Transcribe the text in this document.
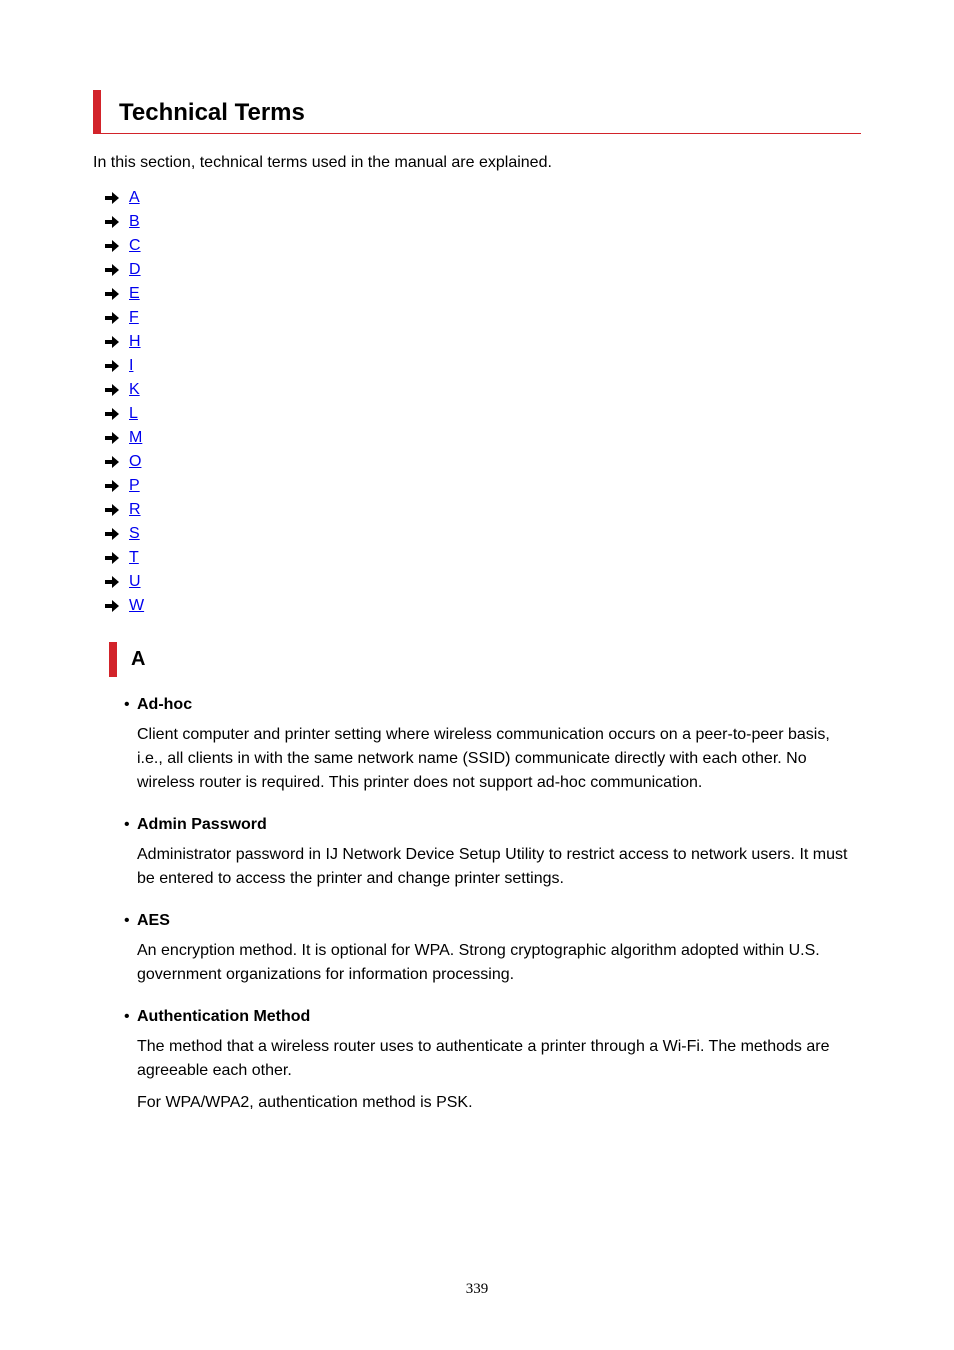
Technical Terms

In this section, technical terms used in the manual are explained.

A
B
C
D
E
F
H
I
K
L
M
O
P
R
S
T
U
W
A

• Ad-hoc

Client computer and printer setting where wireless communication occurs on a peer-to-peer basis, i.e., all clients in with the same network name (SSID) communicate directly with each other. No wireless router is required. This printer does not support ad-hoc communication.

• Admin Password

Administrator password in IJ Network Device Setup Utility to restrict access to network users. It must be entered to access the printer and change printer settings.

• AES

An encryption method. It is optional for WPA. Strong cryptographic algorithm adopted within U.S. government organizations for information processing.

• Authentication Method

The method that a wireless router uses to authenticate a printer through a Wi-Fi. The methods are agreeable each other.

For WPA/WPA2, authentication method is PSK.

339
